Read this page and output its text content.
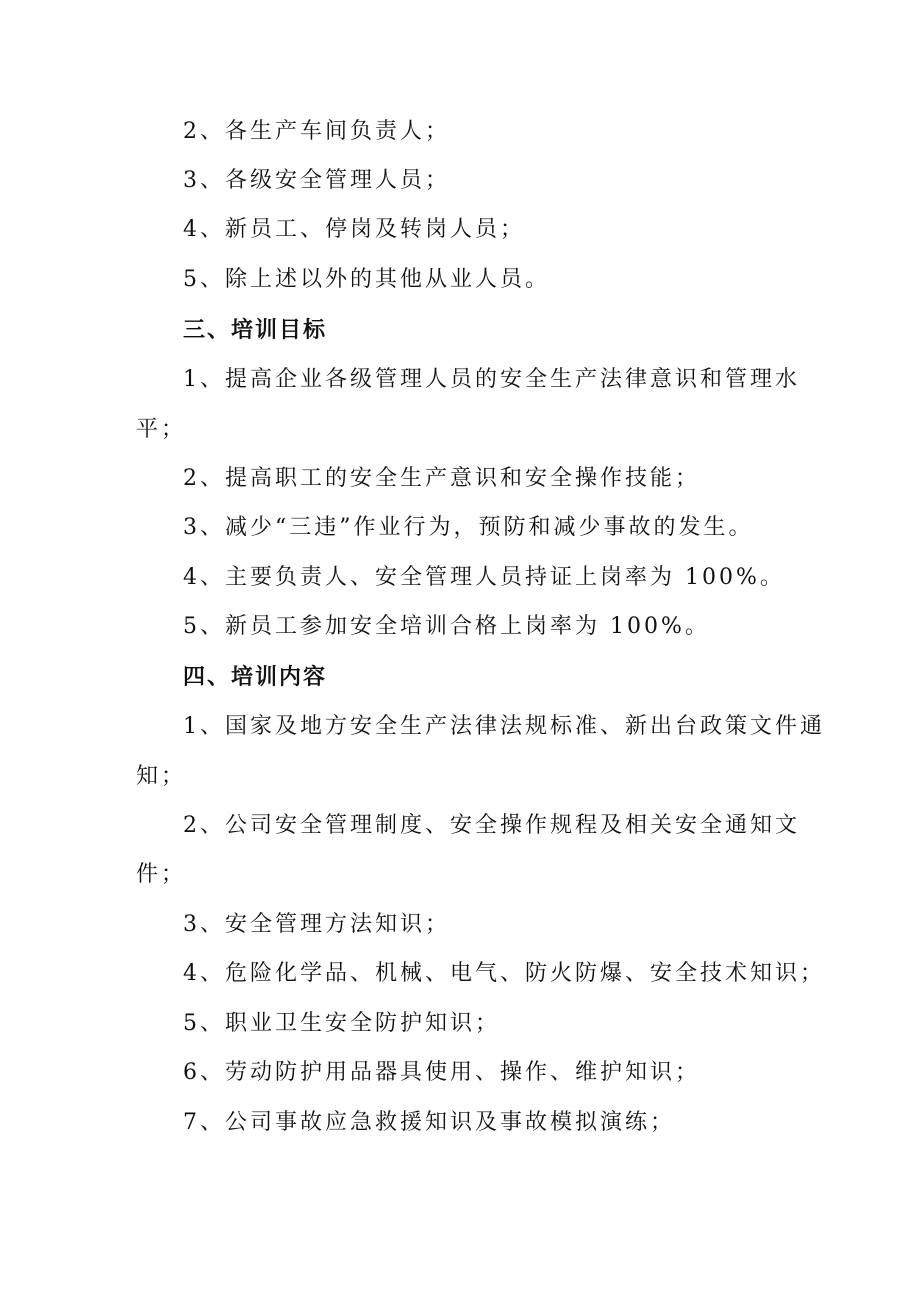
2、各生产车间负责人；
3、各级安全管理人员；
4、新员工、停岗及转岗人员；
5、除上述以外的其他从业人员。
三、培训目标
1、提高企业各级管理人员的安全生产法律意识和管理水
平；
2、提高职工的安全生产意识和安全操作技能；
3、减少“三违”作业行为，预防和减少事故的发生。
4、主要负责人、安全管理人员持证上岗率为 100%。
5、新员工参加安全培训合格上岗率为 100%。
四、培训内容
1、国家及地方安全生产法律法规标准、新出台政策文件通
知；
2、公司安全管理制度、安全操作规程及相关安全通知文
件；
3、安全管理方法知识；
4、危险化学品、机械、电气、防火防爆、安全技术知识；
5、职业卫生安全防护知识；
6、劳动防护用品器具使用、操作、维护知识；
7、公司事故应急救援知识及事故模拟演练；
